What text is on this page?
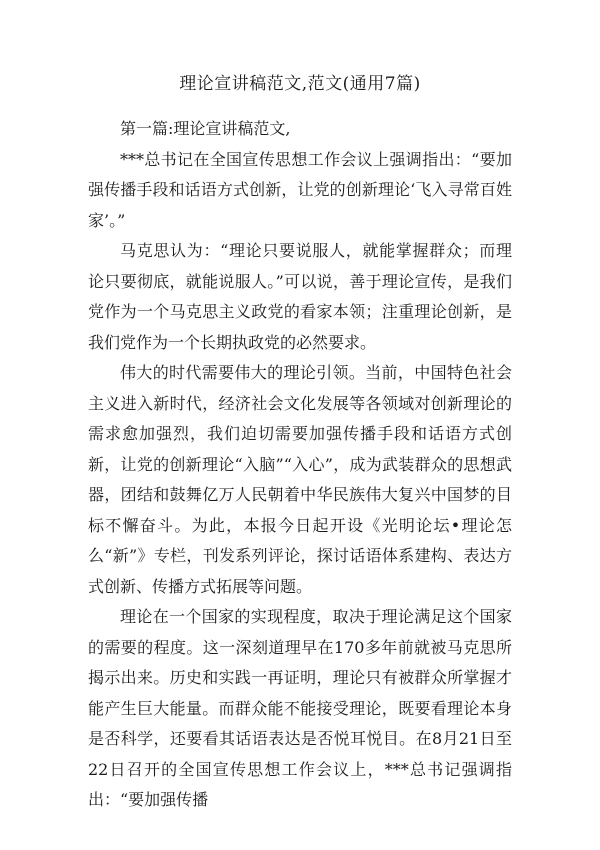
理论宣讲稿范文,范文(通用7篇)

第一篇:理论宣讲稿范文,

***总书记在全国宣传思想工作会议上强调指出：“要加强传播手段和话语方式创新，让党的创新理论‘飞入寻常百姓家’。”

马克思认为：“理论只要说服人，就能掌握群众；而理论只要彻底，就能说服人。”可以说，善于理论宣传，是我们党作为一个马克思主义政党的看家本领；注重理论创新，是我们党作为一个长期执政党的必然要求。

伟大的时代需要伟大的理论引领。当前，中国特色社会主义进入新时代，经济社会文化发展等各领域对创新理论的需求愈加强烈，我们迫切需要加强传播手段和话语方式创新，让党的创新理论“入脑”“入心”，成为武装群众的思想武器，团结和鼓舞亿万人民朝着中华民族伟大复兴中国梦的目标不懈奋斗。为此，本报今日起开设《光明论坛•理论怎么“新”》专栏，刊发系列评论，探讨话语体系建构、表达方式创新、传播方式拓展等问题。

理论在一个国家的实现程度，取决于理论满足这个国家的需要的程度。这一深刻道理早在170多年前就被马克思所揭示出来。历史和实践一再证明，理论只有被群众所掌握才能产生巨大能量。而群众能不能接受理论，既要看理论本身是否科学，还要看其话语表达是否悦耳悦目。在8月21日至22日召开的全国宣传思想工作会议上，***总书记强调指出：“要加强传播
